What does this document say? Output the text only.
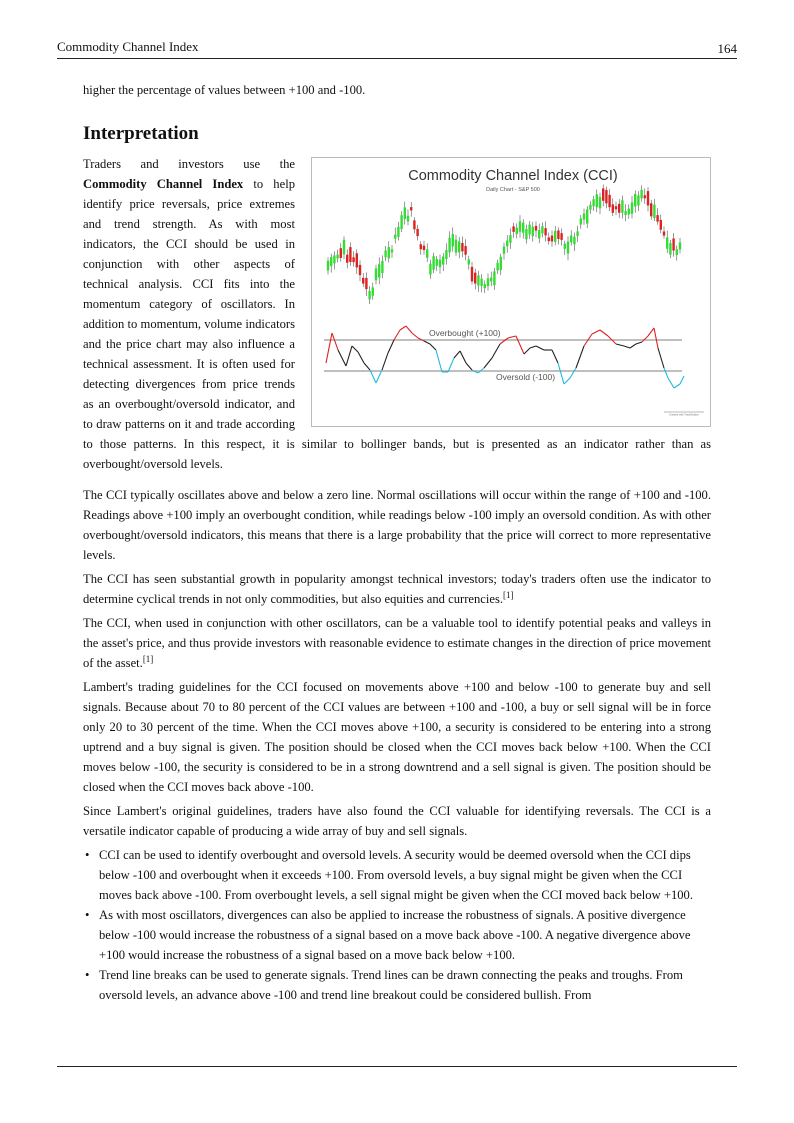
Commodity Channel Index	164

higher the percentage of values between +100 and -100.

Interpretation
Commodity Channel Index (CCI)
Daily Chart - S&P 500
Overbought (+100)
Oversold (-100)
Created with TradeStation

Traders and investors use the Commodity Channel Index to help identify price reversals, price extremes and trend strength. As with most indicators, the CCI should be used in conjunction with other aspects of technical analysis. CCI fits into the momentum category of oscillators. In addition to momentum, volume indicators and the price chart may also influence a technical assessment. It is often used for detecting divergences from price trends as an overbought/oversold indicator, and to draw patterns on it and trade according to those patterns. In this respect, it is similar to bollinger bands, but is presented as an indicator rather than as overbought/oversold levels.

The CCI typically oscillates above and below a zero line. Normal oscillations will occur within the range of +100 and -100. Readings above +100 imply an overbought condition, while readings below -100 imply an oversold condition. As with other overbought/oversold indicators, this means that there is a large probability that the price will correct to more representative levels.

The CCI has seen substantial growth in popularity amongst technical investors; today's traders often use the indicator to determine cyclical trends in not only commodities, but also equities and currencies.[1]

The CCI, when used in conjunction with other oscillators, can be a valuable tool to identify potential peaks and valleys in the asset's price, and thus provide investors with reasonable evidence to estimate changes in the direction of price movement of the asset.[1]

Lambert's trading guidelines for the CCI focused on movements above +100 and below -100 to generate buy and sell signals. Because about 70 to 80 percent of the CCI values are between +100 and -100, a buy or sell signal will be in force only 20 to 30 percent of the time. When the CCI moves above +100, a security is considered to be entering into a strong uptrend and a buy signal is given. The position should be closed when the CCI moves back below +100. When the CCI moves below -100, the security is considered to be in a strong downtrend and a sell signal is given. The position should be closed when the CCI moves back above -100.

Since Lambert's original guidelines, traders have also found the CCI valuable for identifying reversals. The CCI is a versatile indicator capable of producing a wide array of buy and sell signals.

• CCI can be used to identify overbought and oversold levels. A security would be deemed oversold when the CCI dips below -100 and overbought when it exceeds +100. From oversold levels, a buy signal might be given when the CCI moves back above -100. From overbought levels, a sell signal might be given when the CCI moved back below +100.
• As with most oscillators, divergences can also be applied to increase the robustness of signals. A positive divergence below -100 would increase the robustness of a signal based on a move back above -100. A negative divergence above +100 would increase the robustness of a signal based on a move back below +100.
• Trend line breaks can be used to generate signals. Trend lines can be drawn connecting the peaks and troughs. From oversold levels, an advance above -100 and trend line breakout could be considered bullish. From
